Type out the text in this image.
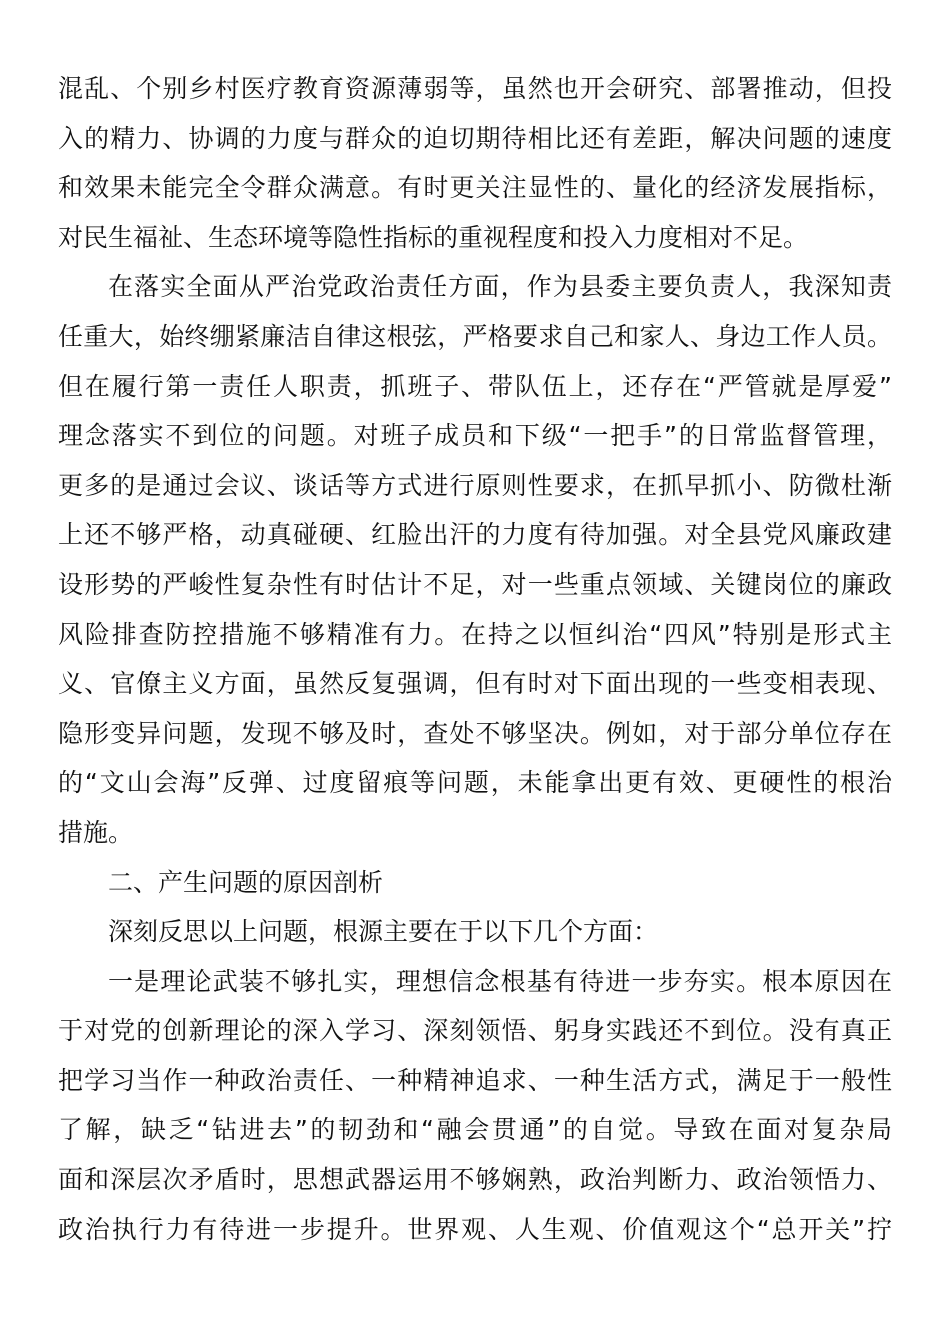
混乱、个别乡村医疗教育资源薄弱等，虽然也开会研究、部署推动，但投
入的精力、协调的力度与群众的迫切期待相比还有差距，解决问题的速度
和效果未能完全令群众满意。有时更关注显性的、量化的经济发展指标，
对民生福祉、生态环境等隐性指标的重视程度和投入力度相对不足。
在落实全面从严治党政治责任方面，作为县委主要负责人，我深知责
任重大，始终绷紧廉洁自律这根弦，严格要求自己和家人、身边工作人员。
但在履行第一责任人职责，抓班子、带队伍上，还存在“严管就是厚爱”
理念落实不到位的问题。对班子成员和下级“一把手”的日常监督管理，
更多的是通过会议、谈话等方式进行原则性要求，在抓早抓小、防微杜渐
上还不够严格，动真碰硬、红脸出汗的力度有待加强。对全县党风廉政建
设形势的严峻性复杂性有时估计不足，对一些重点领域、关键岗位的廉政
风险排查防控措施不够精准有力。在持之以恒纠治“四风”特别是形式主
义、官僚主义方面，虽然反复强调，但有时对下面出现的一些变相表现、
隐形变异问题，发现不够及时，查处不够坚决。例如，对于部分单位存在
的“文山会海”反弹、过度留痕等问题，未能拿出更有效、更硬性的根治
措施。
二、产生问题的原因剖析
深刻反思以上问题，根源主要在于以下几个方面：
一是理论武装不够扎实，理想信念根基有待进一步夯实。根本原因在
于对党的创新理论的深入学习、深刻领悟、躬身实践还不到位。没有真正
把学习当作一种政治责任、一种精神追求、一种生活方式，满足于一般性
了解，缺乏“钻进去”的韧劲和“融会贯通”的自觉。导致在面对复杂局
面和深层次矛盾时，思想武器运用不够娴熟，政治判断力、政治领悟力、
政治执行力有待进一步提升。世界观、人生观、价值观这个“总开关”拧
